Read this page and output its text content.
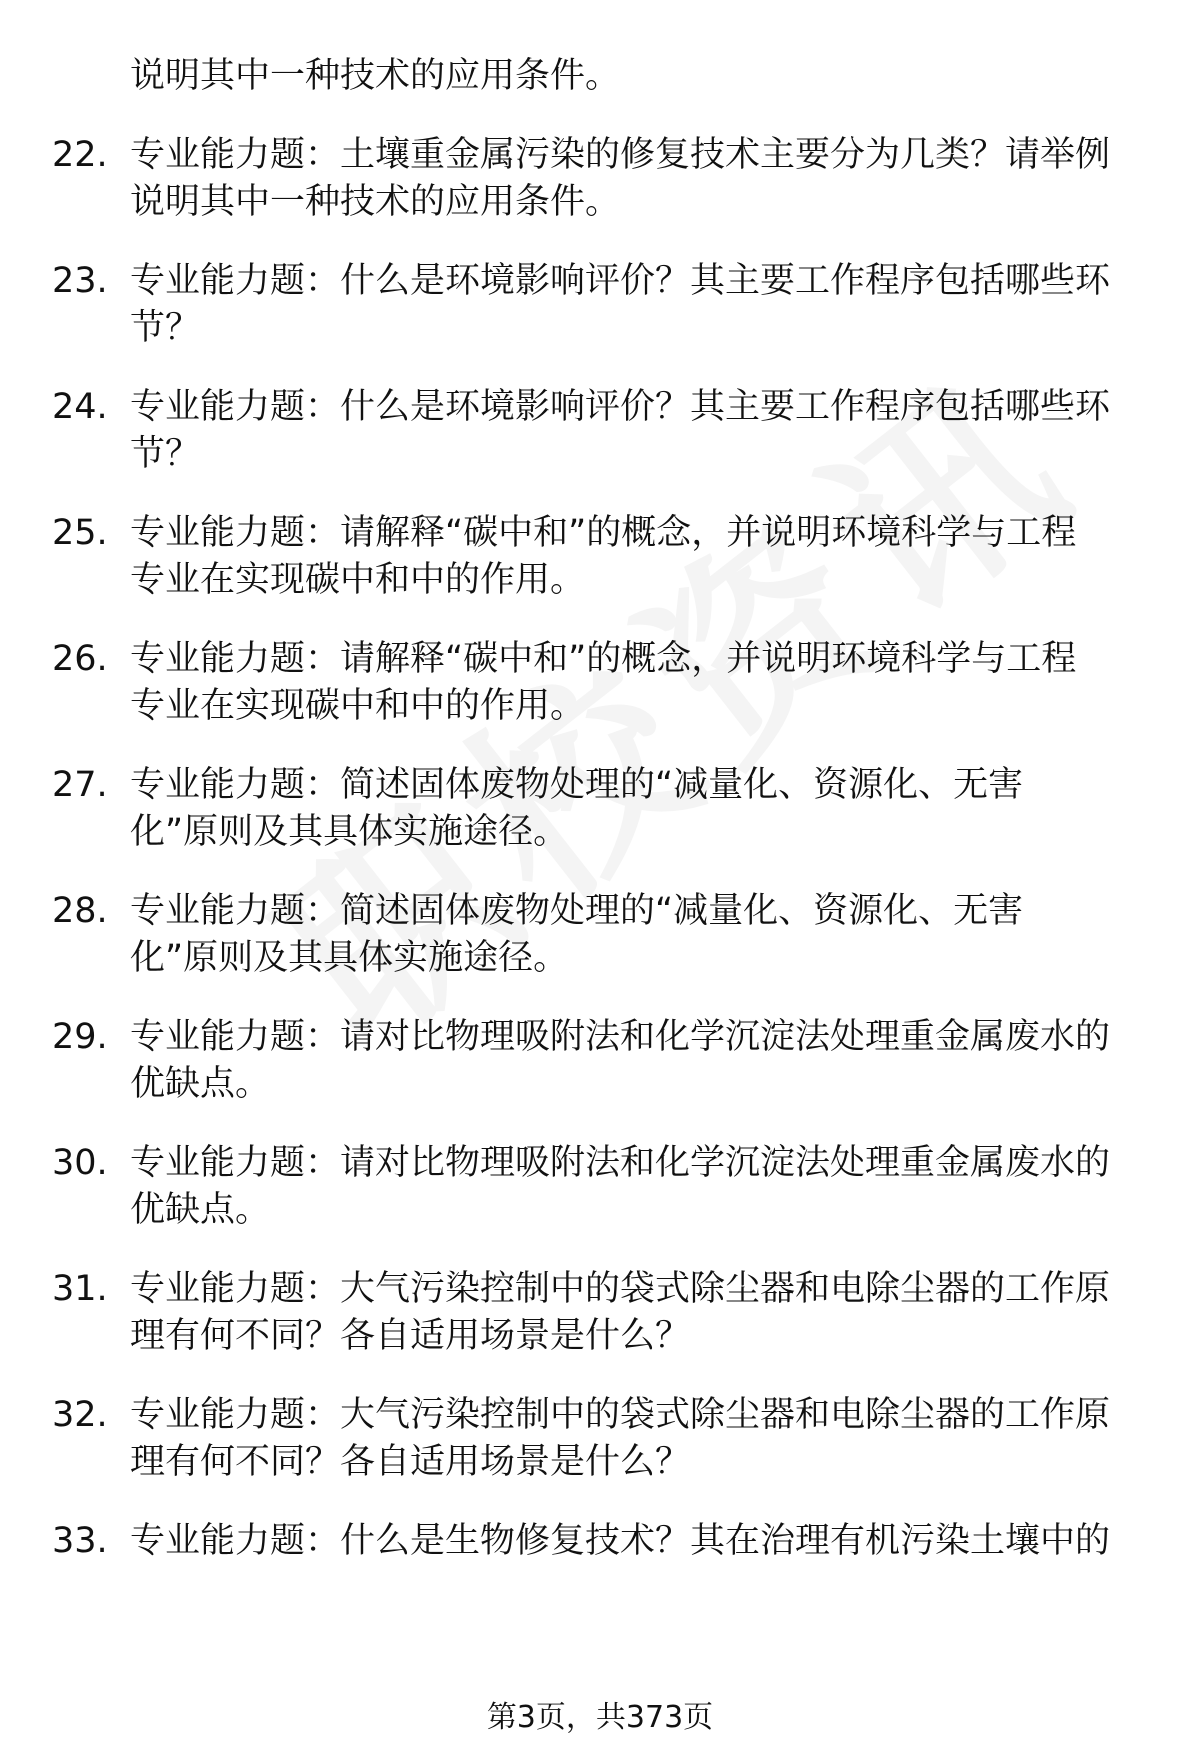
说明其中一种技术的应用条件。
22. 专业能力题：土壤重金属污染的修复技术主要分为几类？请举例
说明其中一种技术的应用条件。
23. 专业能力题：什么是环境影响评价？其主要工作程序包括哪些环
节？
24. 专业能力题：什么是环境影响评价？其主要工作程序包括哪些环
节？
25. 专业能力题：请解释“碳中和”的概念，并说明环境科学与工程
专业在实现碳中和中的作用。
26. 专业能力题：请解释“碳中和”的概念，并说明环境科学与工程
专业在实现碳中和中的作用。
27. 专业能力题：简述固体废物处理的“减量化、资源化、无害
化”原则及其具体实施途径。
28. 专业能力题：简述固体废物处理的“减量化、资源化、无害
化”原则及其具体实施途径。
29. 专业能力题：请对比物理吸附法和化学沉淀法处理重金属废水的
优缺点。
30. 专业能力题：请对比物理吸附法和化学沉淀法处理重金属废水的
优缺点。
31. 专业能力题：大气污染控制中的袋式除尘器和电除尘器的工作原
理有何不同？各自适用场景是什么？
32. 专业能力题：大气污染控制中的袋式除尘器和电除尘器的工作原
理有何不同？各自适用场景是什么？
33. 专业能力题：什么是生物修复技术？其在治理有机污染土壤中的
第3页，共373页
